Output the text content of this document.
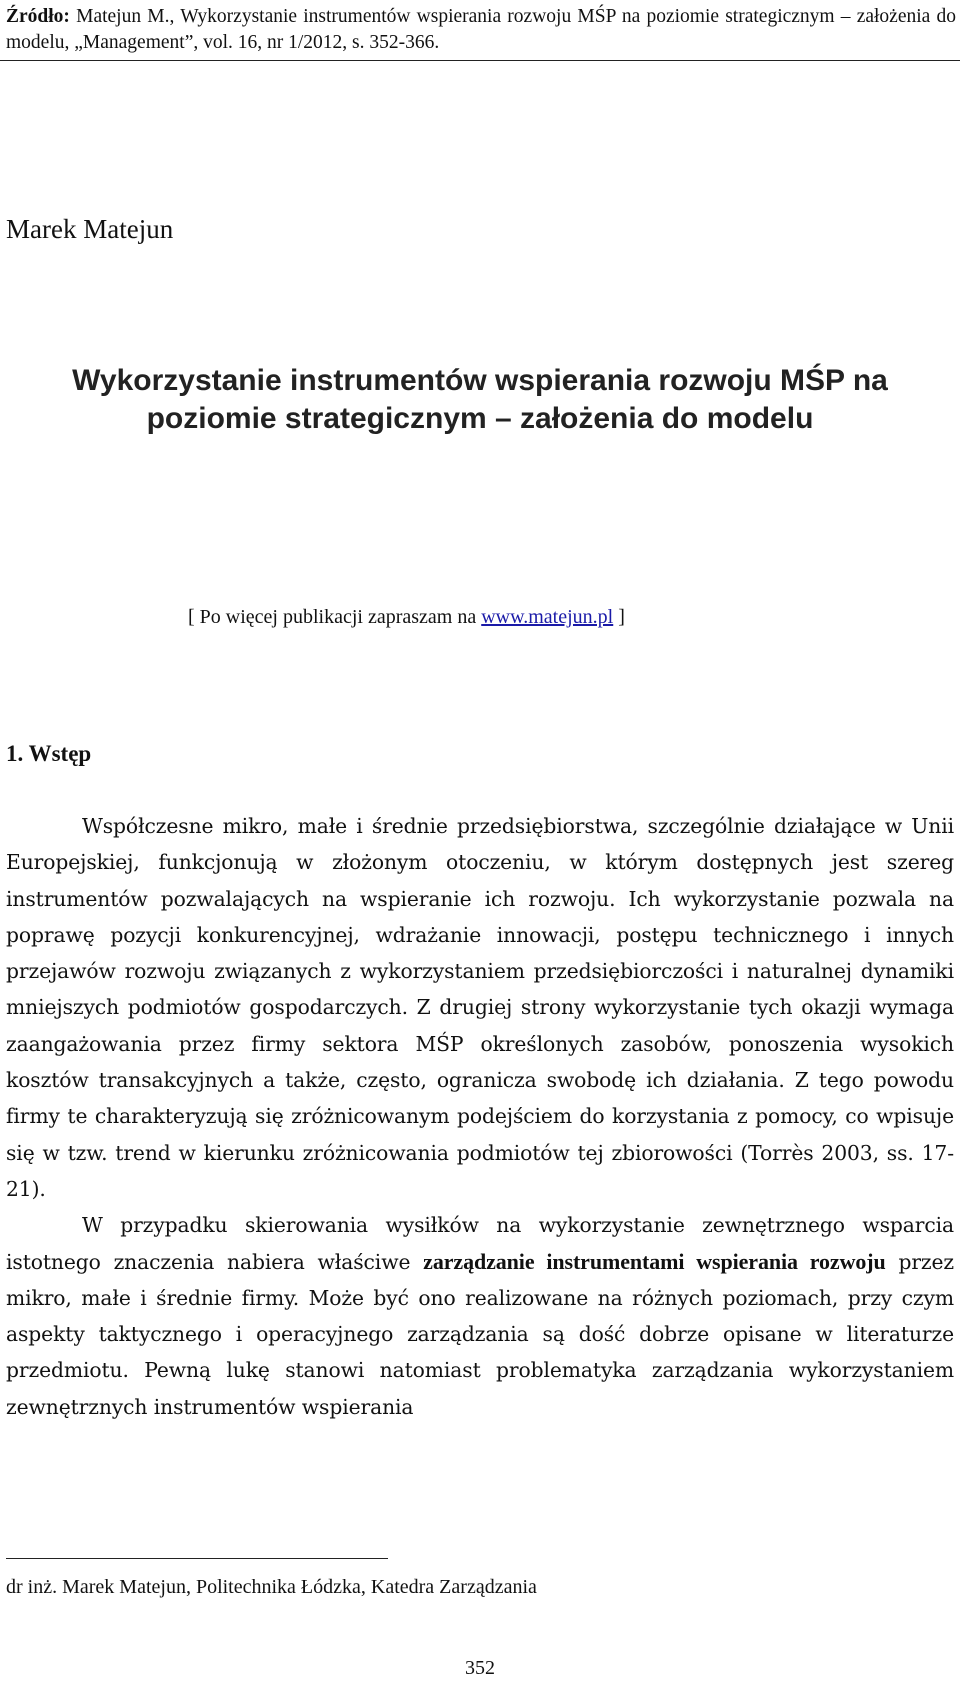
Źródło: Matejun M., Wykorzystanie instrumentów wspierania rozwoju MŚP na poziomie strategicznym – założenia do modelu, „Management”, vol. 16, nr 1/2012, s. 352-366.
Marek Matejun
Wykorzystanie instrumentów wspierania rozwoju MŚP na
poziomie strategicznym – założenia do modelu
[ Po więcej publikacji zapraszam na www.matejun.pl ]
1. Wstęp

Współczesne mikro, małe i średnie przedsiębiorstwa, szczególnie działające w Unii Europejskiej, funkcjonują w złożonym otoczeniu, w którym dostępnych jest szereg instrumentów pozwalających na wspieranie ich rozwoju. Ich wykorzystanie pozwala na poprawę pozycji konkurencyjnej, wdrażanie innowacji, postępu technicznego i innych przejawów rozwoju związanych z wykorzystaniem przedsiębiorczości i naturalnej dynamiki mniejszych podmiotów gospodarczych. Z drugiej strony wykorzystanie tych okazji wymaga zaangażowania przez firmy sektora MŚP określonych zasobów, ponoszenia wysokich kosztów transakcyjnych a także, często, ogranicza swobodę ich działania. Z tego powodu firmy te charakteryzują się zróżnicowanym podejściem do korzystania z pomocy, co wpisuje się w tzw. trend w kierunku zróżnicowania podmiotów tej zbiorowości (Torrès 2003, ss. 17-21).

W przypadku skierowania wysiłków na wykorzystanie zewnętrznego wsparcia istotnego znaczenia nabiera właściwe zarządzanie instrumentami wspierania rozwoju przez mikro, małe i średnie firmy. Może być ono realizowane na różnych poziomach, przy czym aspekty taktycznego i operacyjnego zarządzania są dość dobrze opisane w literaturze przedmiotu. Pewną lukę stanowi natomiast problematyka zarządzania wykorzystaniem zewnętrznych instrumentów wspierania

dr inż. Marek Matejun, Politechnika Łódzka, Katedra Zarządzania
352
